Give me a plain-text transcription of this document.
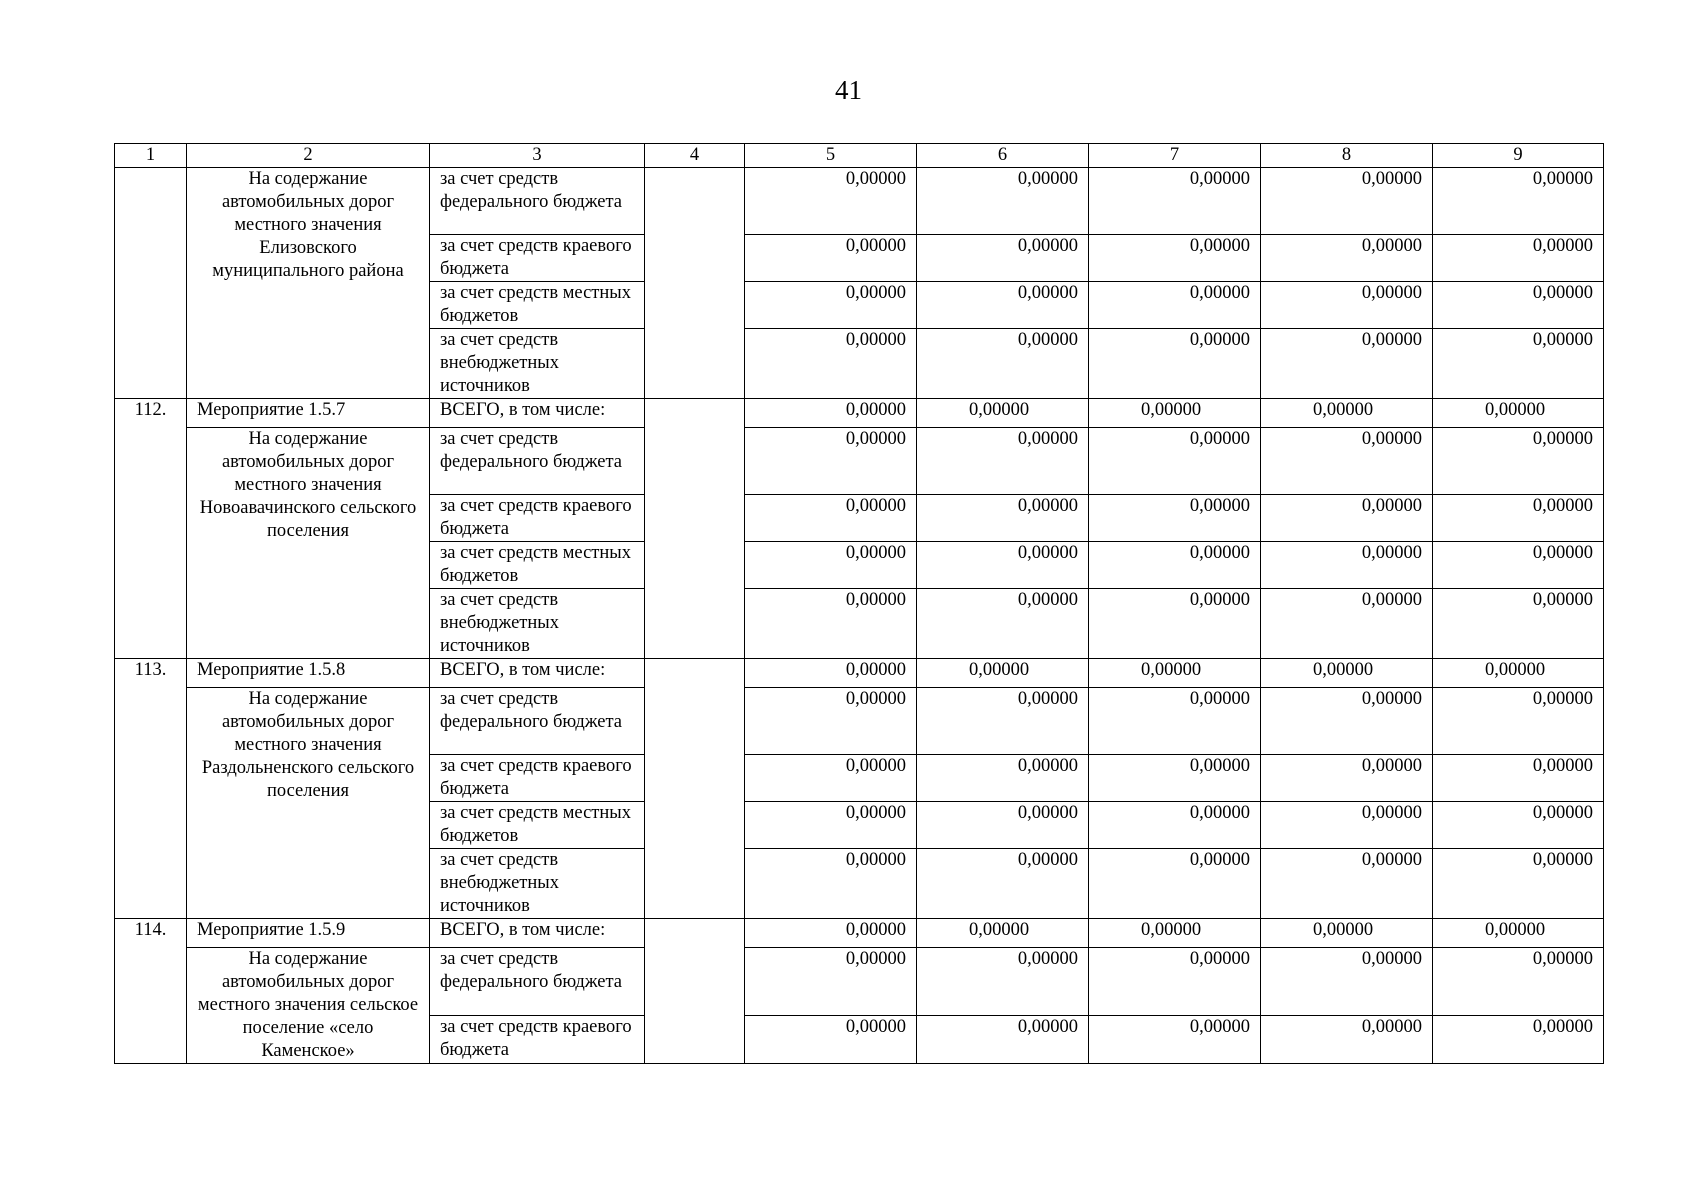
41
1	2	3	4	5	6	7	8	9
	На содержание автомобильных дорог местного значения Елизовского муниципального района	за счет средств федерального бюджета		0,00000	0,00000	0,00000	0,00000	0,00000
		за счет средств краевого бюджета		0,00000	0,00000	0,00000	0,00000	0,00000
		за счет средств местных бюджетов		0,00000	0,00000	0,00000	0,00000	0,00000
		за счет средств внебюджетных источников		0,00000	0,00000	0,00000	0,00000	0,00000
112.	Мероприятие 1.5.7	ВСЕГО, в том числе:		0,00000	0,00000	0,00000	0,00000	0,00000
	На содержание автомобильных дорог местного значения Новоавачинского сельского поселения	за счет средств федерального бюджета		0,00000	0,00000	0,00000	0,00000	0,00000
		за счет средств краевого бюджета		0,00000	0,00000	0,00000	0,00000	0,00000
		за счет средств местных бюджетов		0,00000	0,00000	0,00000	0,00000	0,00000
		за счет средств внебюджетных источников		0,00000	0,00000	0,00000	0,00000	0,00000
113.	Мероприятие 1.5.8	ВСЕГО, в том числе:		0,00000	0,00000	0,00000	0,00000	0,00000
	На содержание автомобильных дорог местного значения Раздольненского сельского поселения	за счет средств федерального бюджета		0,00000	0,00000	0,00000	0,00000	0,00000
		за счет средств краевого бюджета		0,00000	0,00000	0,00000	0,00000	0,00000
		за счет средств местных бюджетов		0,00000	0,00000	0,00000	0,00000	0,00000
		за счет средств внебюджетных источников		0,00000	0,00000	0,00000	0,00000	0,00000
114.	Мероприятие 1.5.9	ВСЕГО, в том числе:		0,00000	0,00000	0,00000	0,00000	0,00000
	На содержание автомобильных дорог местного значения сельское поселение «село Каменское»	за счет средств федерального бюджета		0,00000	0,00000	0,00000	0,00000	0,00000
		за счет средств краевого бюджета		0,00000	0,00000	0,00000	0,00000	0,00000
